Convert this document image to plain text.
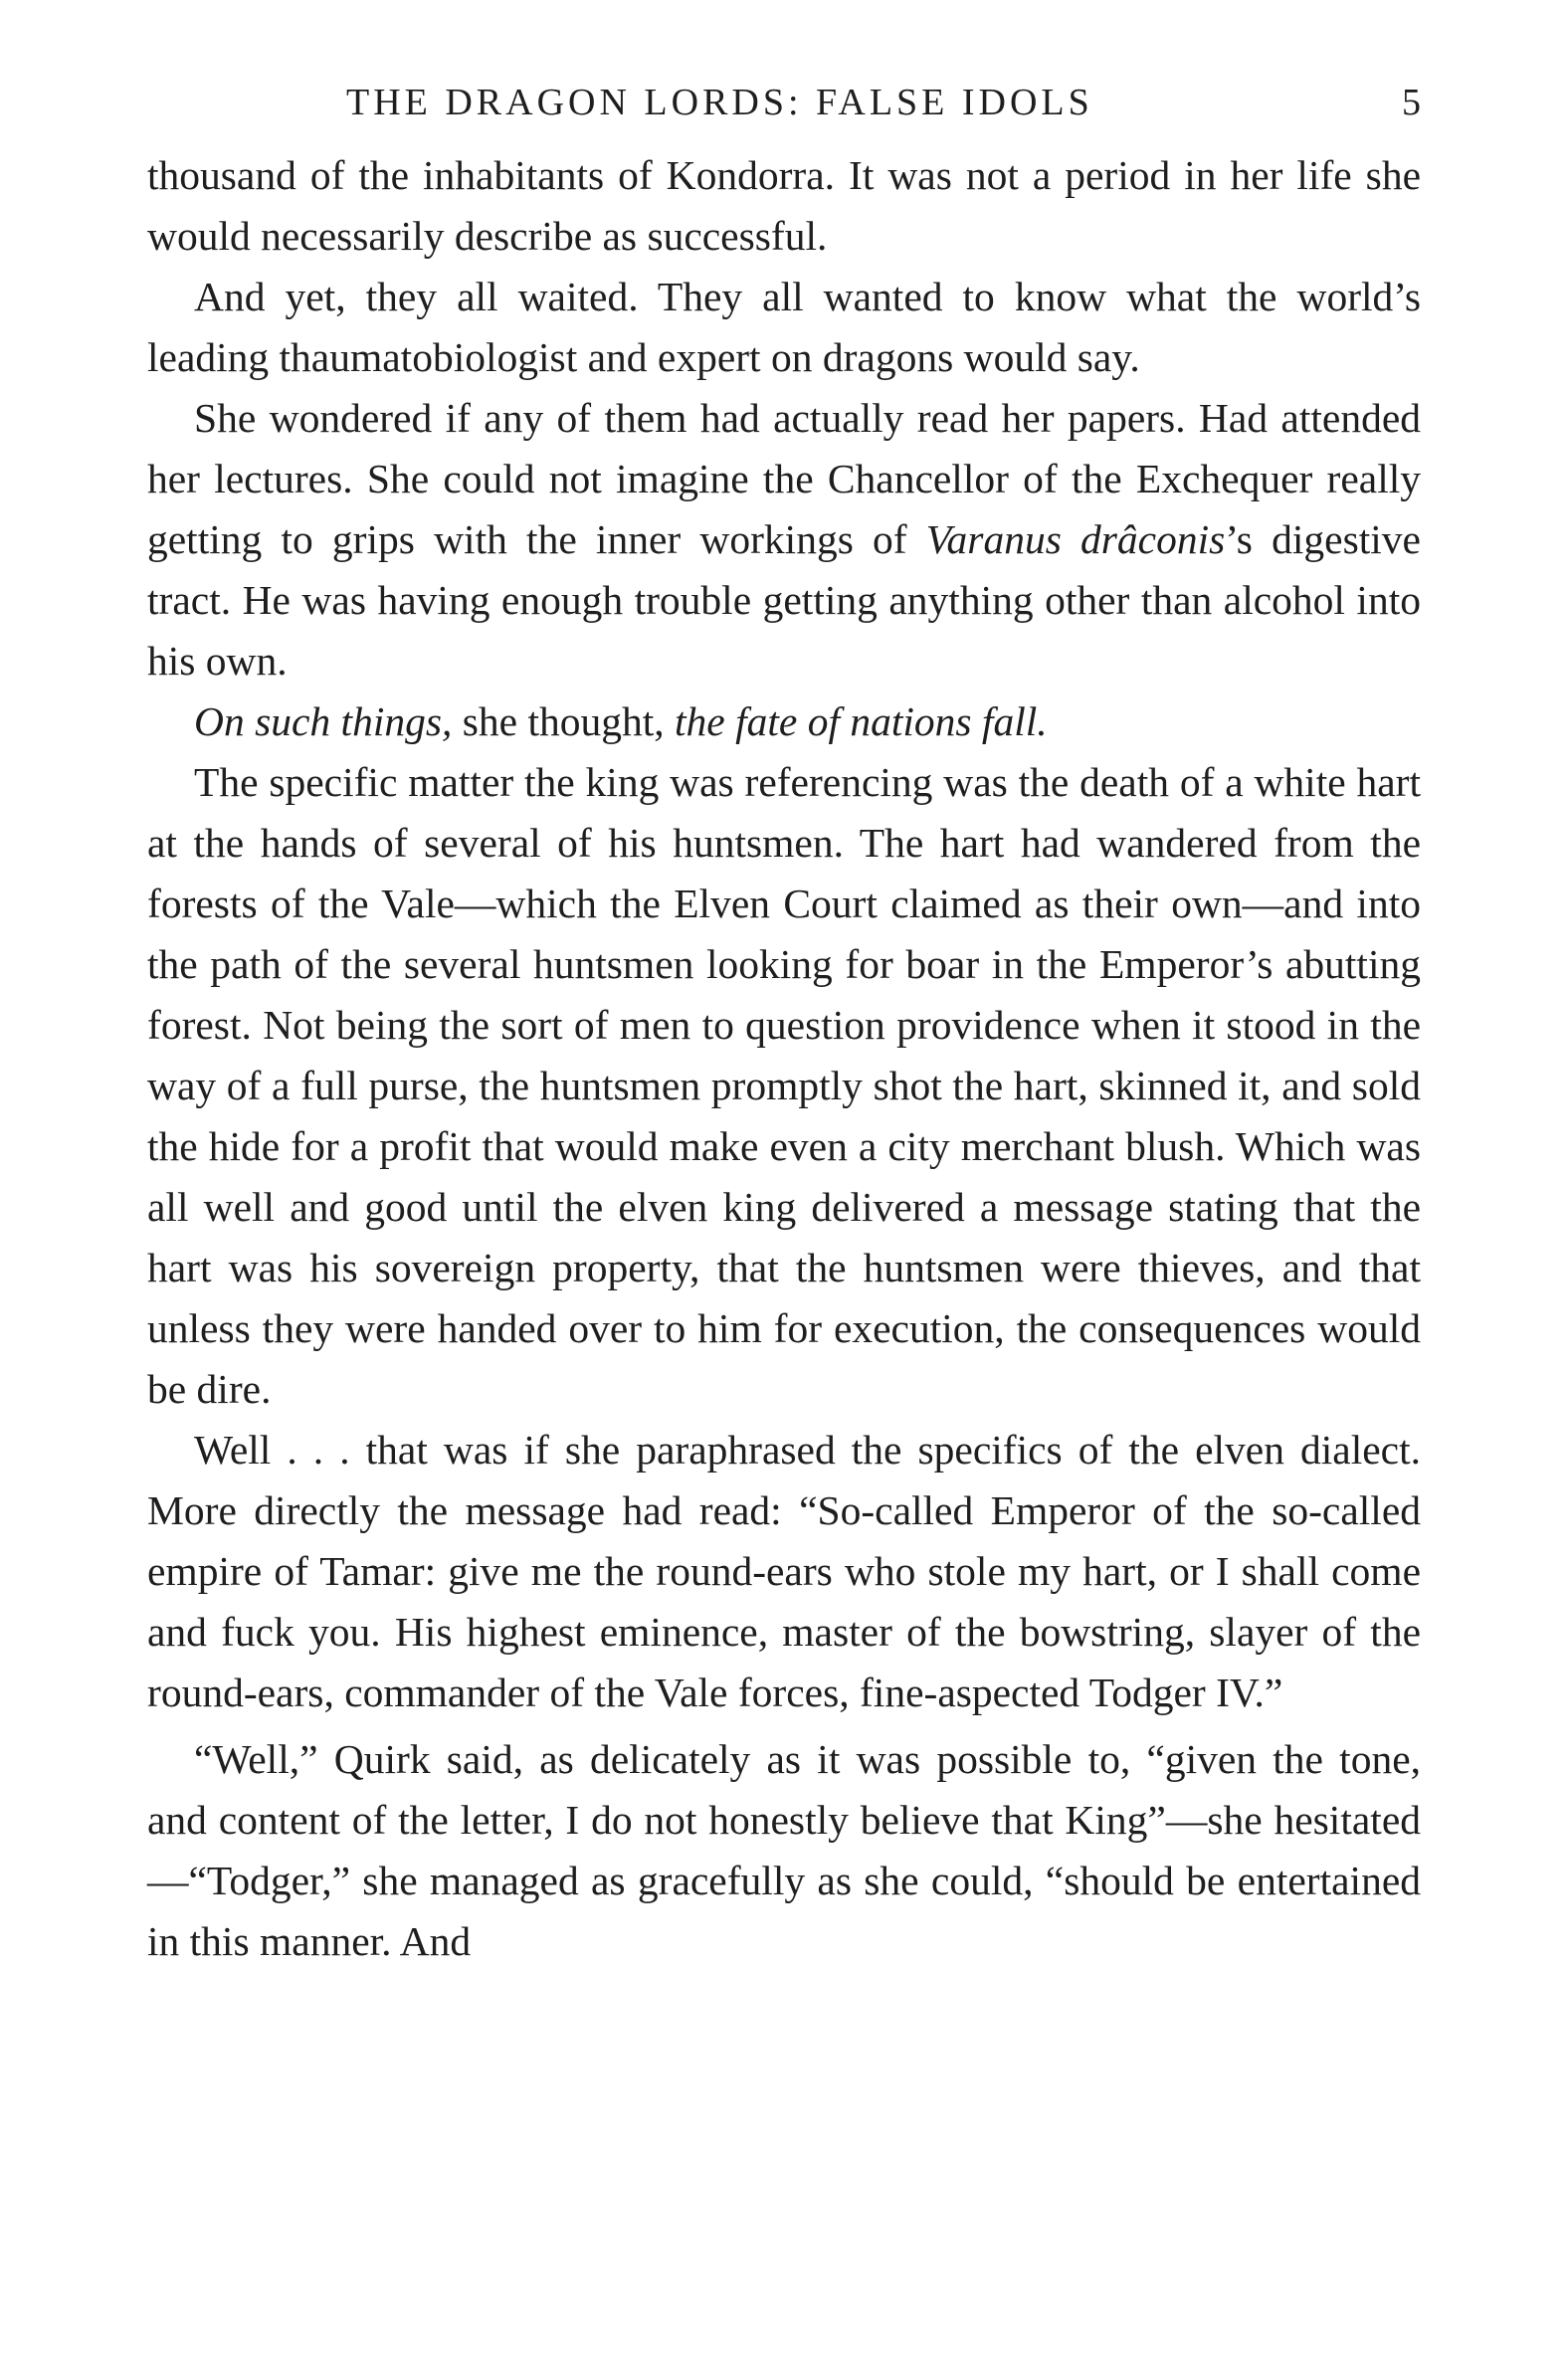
THE DRAGON LORDS: FALSE IDOLS	5

thousand of the inhabitants of Kondorra. It was not a period in her life she would necessarily describe as successful.

And yet, they all waited. They all wanted to know what the world’s leading thaumatobiologist and expert on dragons would say.

She wondered if any of them had actually read her papers. Had attended her lectures. She could not imagine the Chancellor of the Exchequer really getting to grips with the inner workings of Varanus drâconis’s digestive tract. He was having enough trouble getting anything other than alcohol into his own.

On such things, she thought, the fate of nations fall.

The specific matter the king was referencing was the death of a white hart at the hands of several of his huntsmen. The hart had wandered from the forests of the Vale—which the Elven Court claimed as their own—and into the path of the several huntsmen looking for boar in the Emperor’s abutting forest. Not being the sort of men to question providence when it stood in the way of a full purse, the huntsmen promptly shot the hart, skinned it, and sold the hide for a profit that would make even a city merchant blush. Which was all well and good until the elven king delivered a message stating that the hart was his sovereign property, that the huntsmen were thieves, and that unless they were handed over to him for execution, the consequences would be dire.

Well . . . that was if she paraphrased the specifics of the elven dialect. More directly the message had read: “So-called Emperor of the so-called empire of Tamar: give me the round-ears who stole my hart, or I shall come and fuck you. His highest eminence, master of the bowstring, slayer of the round-ears, commander of the Vale forces, fine-aspected Todger IV.”

“Well,” Quirk said, as delicately as it was possible to, “given the tone, and content of the letter, I do not honestly believe that King”—she hesitated—“Todger,” she managed as gracefully as she could, “should be entertained in this manner. And
